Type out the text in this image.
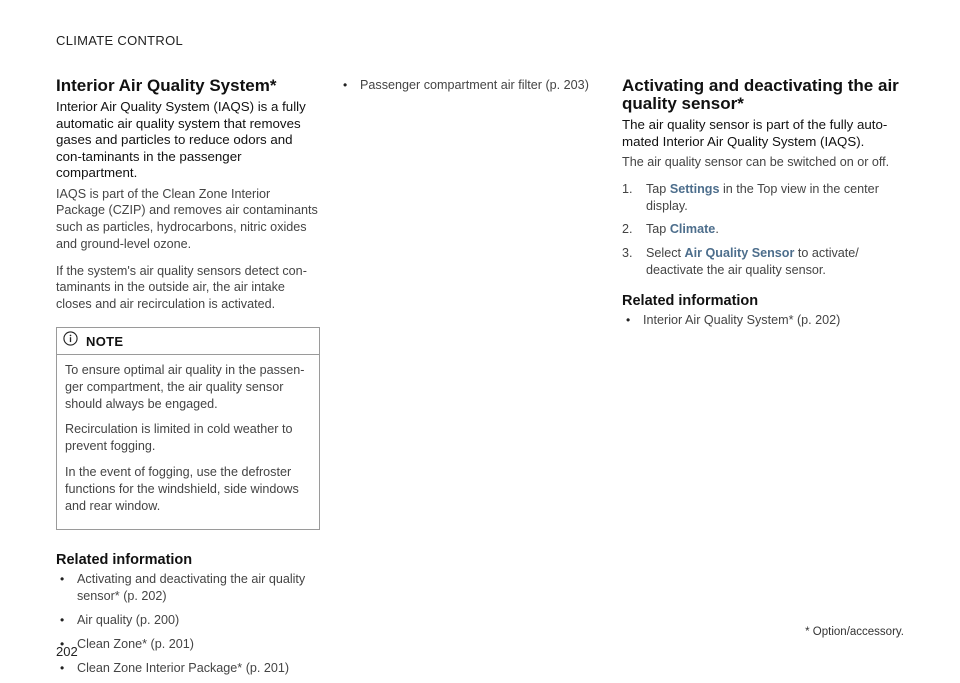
CLIMATE CONTROL
Interior Air Quality System*
Interior Air Quality System (IAQS) is a fully automatic air quality system that removes gases and particles to reduce odors and con-taminants in the passenger compartment.

IAQS is part of the Clean Zone Interior Package (CZIP) and removes air contaminants such as particles, hydrocarbons, nitric oxides and ground-level ozone.

If the system's air quality sensors detect con-taminants in the outside air, the air intake closes and air recirculation is activated.

NOTE

To ensure optimal air quality in the passen-ger compartment, the air quality sensor should always be engaged.

Recirculation is limited in cold weather to prevent fogging.

In the event of fogging, use the defroster functions for the windshield, side windows and rear window.

Related information
• Activating and deactivating the air quality sensor* (p. 202)
• Air quality (p. 200)
• Clean Zone* (p. 201)
• Clean Zone Interior Package* (p. 201)
• Passenger compartment air filter (p. 203)	Activating and deactivating the air quality sensor*
The air quality sensor is part of the fully auto-mated Interior Air Quality System (IAQS).

The air quality sensor can be switched on or off.

1. Tap Settings in the Top view in the center display.
2. Tap Climate.
3. Select Air Quality Sensor to activate/ deactivate the air quality sensor.
Related information
• Interior Air Quality System* (p. 202)
* Option/accessory.
202
